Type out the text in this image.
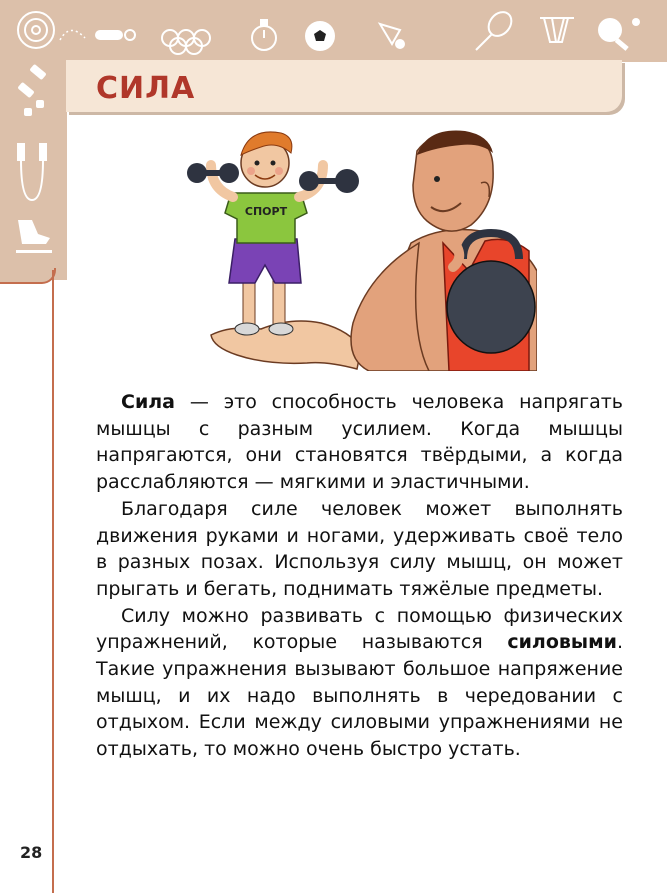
СИЛА
СПОРТ

Сила — это способность человека напрягать мышцы с разным усилием. Когда мышцы напрягаются, они становятся твёрдыми, а когда расслабляются — мягкими и эластичными.

Благодаря силе человек может выполнять движения руками и ногами, удерживать своё тело в разных позах. Используя силу мышц, он может прыгать и бегать, поднимать тяжёлые предметы.

Силу можно развивать с помощью физических упражнений, которые называются силовыми. Такие упражнения вызывают большое напряжение мышц, и их надо выполнять в чередовании с отдыхом. Если между силовыми упражнениями не отдыхать, то можно очень быстро устать.

28
